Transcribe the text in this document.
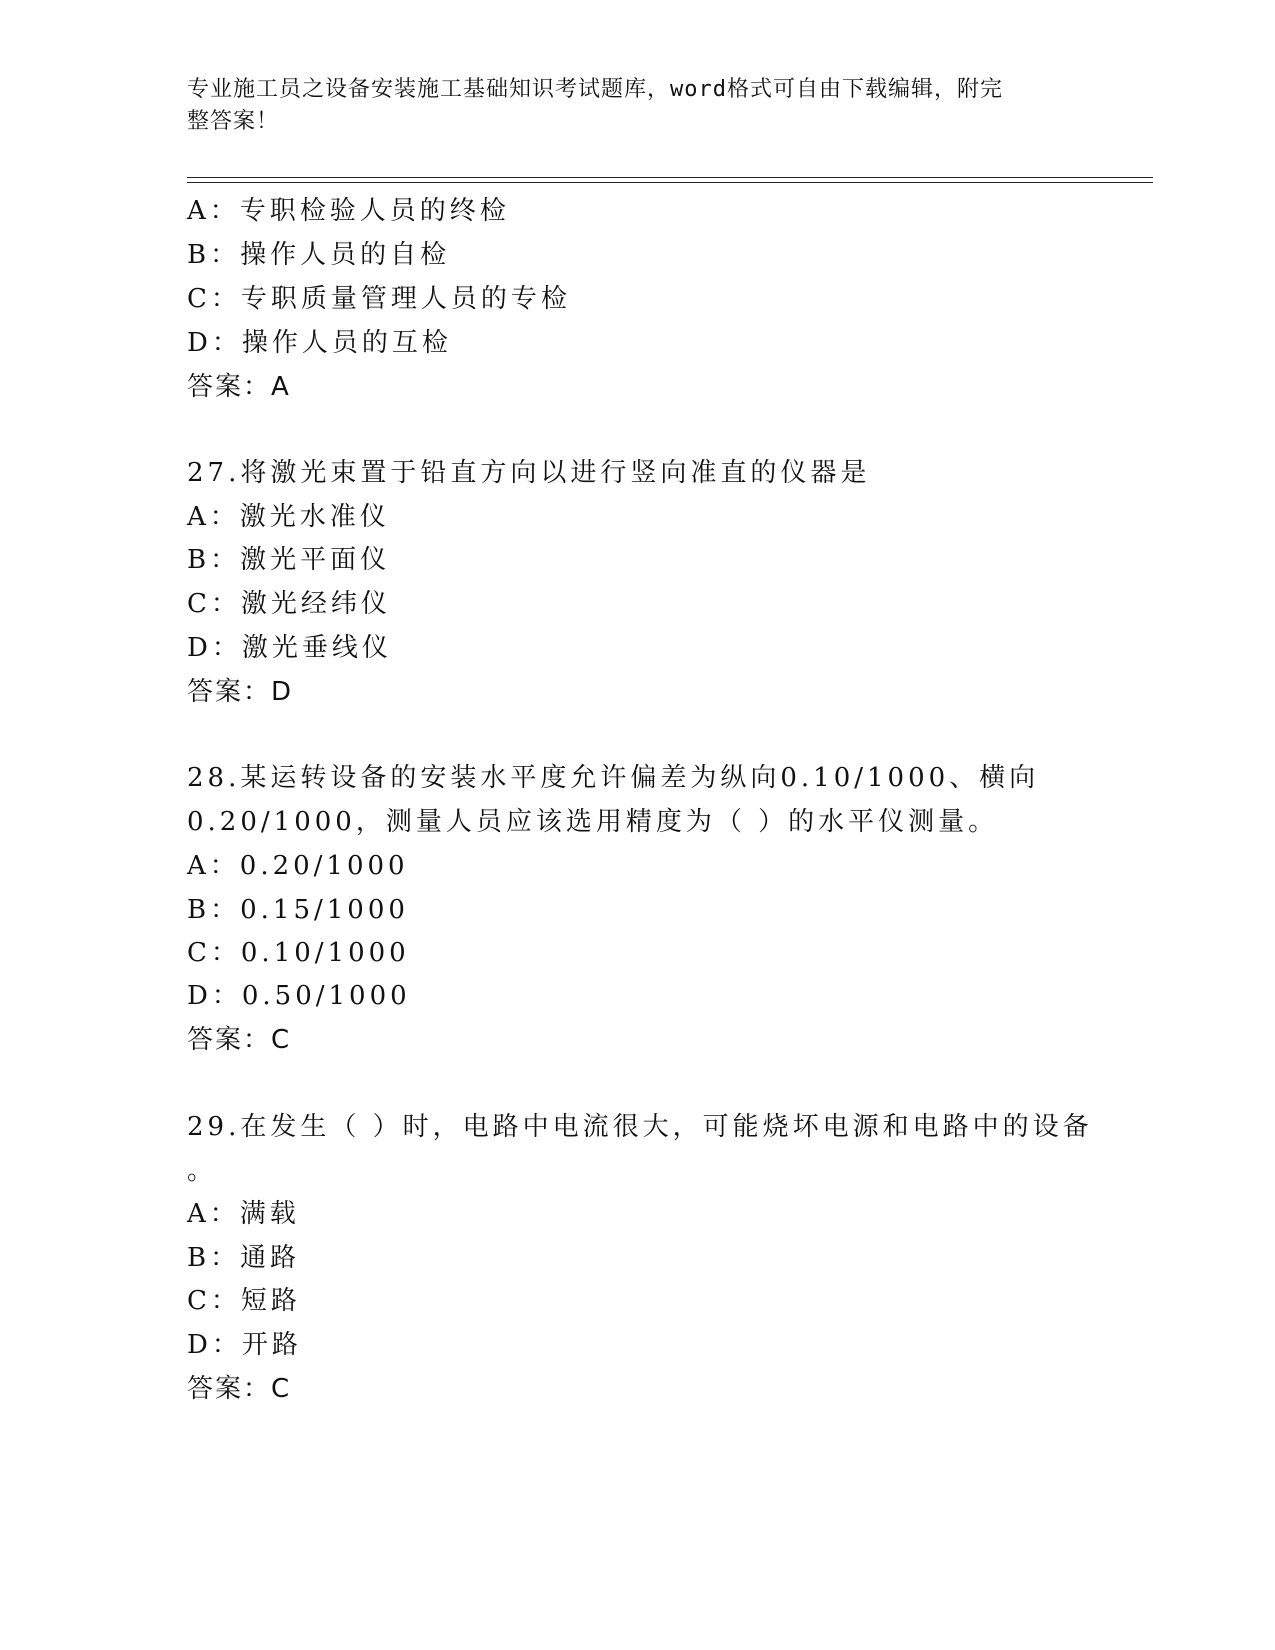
专业施工员之设备安装施工基础知识考试题库，word格式可自由下载编辑，附完
整答案！
A：专职检验人员的终检
B：操作人员的自检
C：专职质量管理人员的专检
D：操作人员的互检
答案：A
27.将激光束置于铅直方向以进行竖向准直的仪器是
A：激光水准仪
B：激光平面仪
C：激光经纬仪
D：激光垂线仪
答案：D
28.某运转设备的安装水平度允许偏差为纵向0.10/1000、横向
0.20/1000，测量人员应该选用精度为（ ）的水平仪测量。
A：0.20/1000
B：0.15/1000
C：0.10/1000
D：0.50/1000
答案：C
29.在发生（ ）时，电路中电流很大，可能烧坏电源和电路中的设备
。
A：满载
B：通路
C：短路
D：开路
答案：C
